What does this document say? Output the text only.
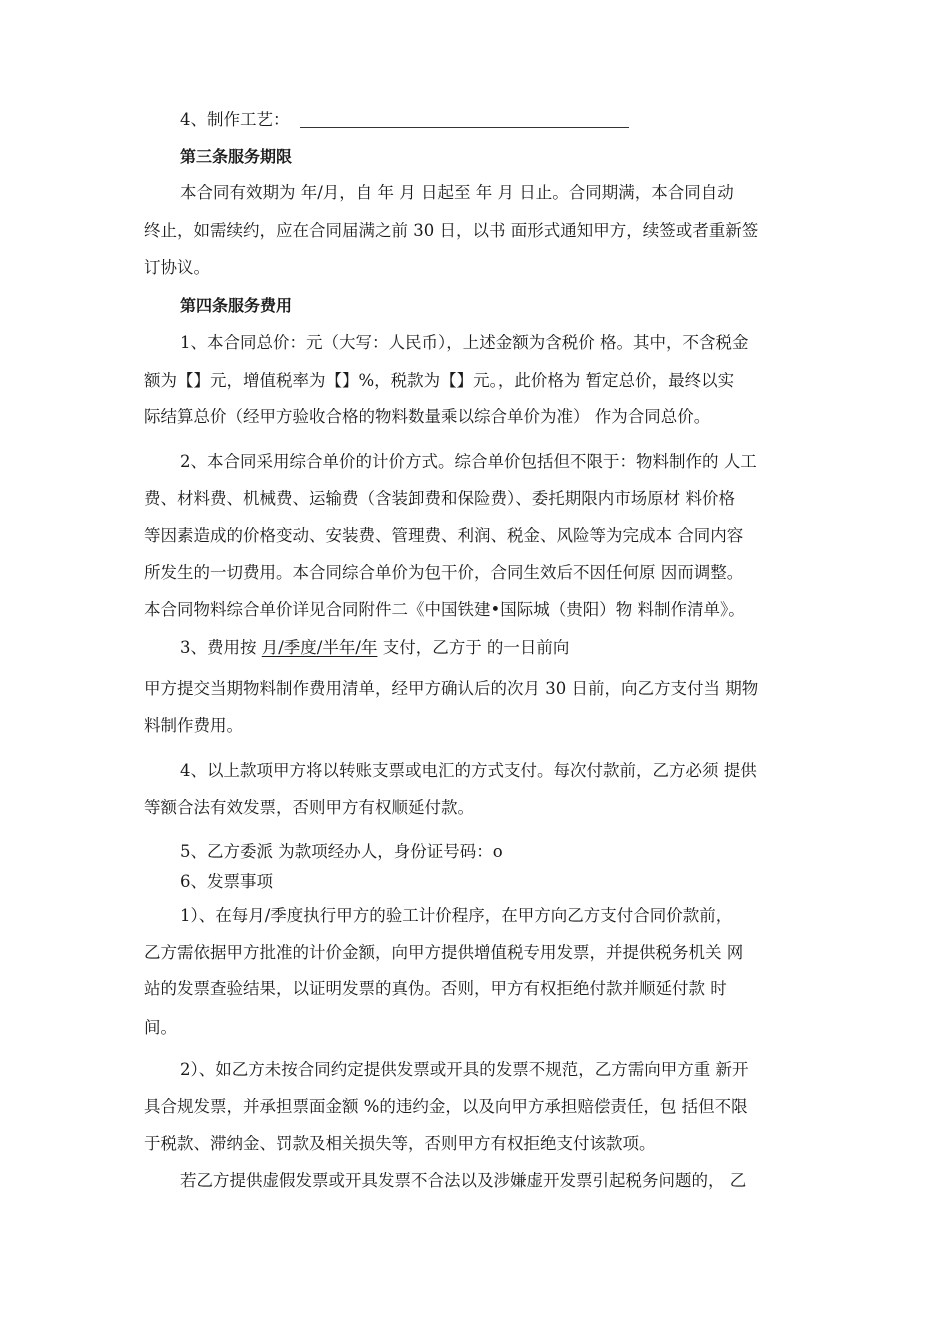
4、制作工艺：
第三条服务期限
本合同有效期为 年/月，自 年 月 日起至 年 月 日止。合同期满，本合同自动
终止，如需续约，应在合同届满之前 30 日，以书 面形式通知甲方，续签或者重新签
订协议。
第四条服务费用
1、本合同总价：元（大写：人民币），上述金额为含税价 格。其中，不含税金
额为【】元，增值税率为【】%，税款为【】元。，此价格为 暂定总价，最终以实
际结算总价（经甲方验收合格的物料数量乘以综合单价为准） 作为合同总价。
2、本合同采用综合单价的计价方式。综合单价包括但不限于：物料制作的 人工
费、材料费、机械费、运输费（含装卸费和保险费）、委托期限内市场原材 料价格
等因素造成的价格变动、安装费、管理费、利润、税金、风险等为完成本 合同内容
所发生的一切费用。本合同综合单价为包干价，合同生效后不因任何原 因而调整。
本合同物料综合单价详见合同附件二《中国铁建•国际城（贵阳）物 料制作清单》。
3、费用按 月/季度/半年/年 支付，乙方于 的一日前向
甲方提交当期物料制作费用清单，经甲方确认后的次月 30 日前，向乙方支付当 期物
料制作费用。
4、以上款项甲方将以转账支票或电汇的方式支付。每次付款前，乙方必须 提供
等额合法有效发票，否则甲方有权顺延付款。
5、乙方委派 为款项经办人，身份证号码：o
6、发票事项
1）、在每月/季度执行甲方的验工计价程序，在甲方向乙方支付合同价款前，
乙方需依据甲方批准的计价金额，向甲方提供增值税专用发票，并提供税务机关 网
站的发票查验结果，以证明发票的真伪。否则，甲方有权拒绝付款并顺延付款 时
间。
2）、如乙方未按合同约定提供发票或开具的发票不规范，乙方需向甲方重 新开
具合规发票，并承担票面金额 %的违约金，以及向甲方承担赔偿责任，包 括但不限
于税款、滞纳金、罚款及相关损失等，否则甲方有权拒绝支付该款项。
若乙方提供虚假发票或开具发票不合法以及涉嫌虚开发票引起税务问题的， 乙
